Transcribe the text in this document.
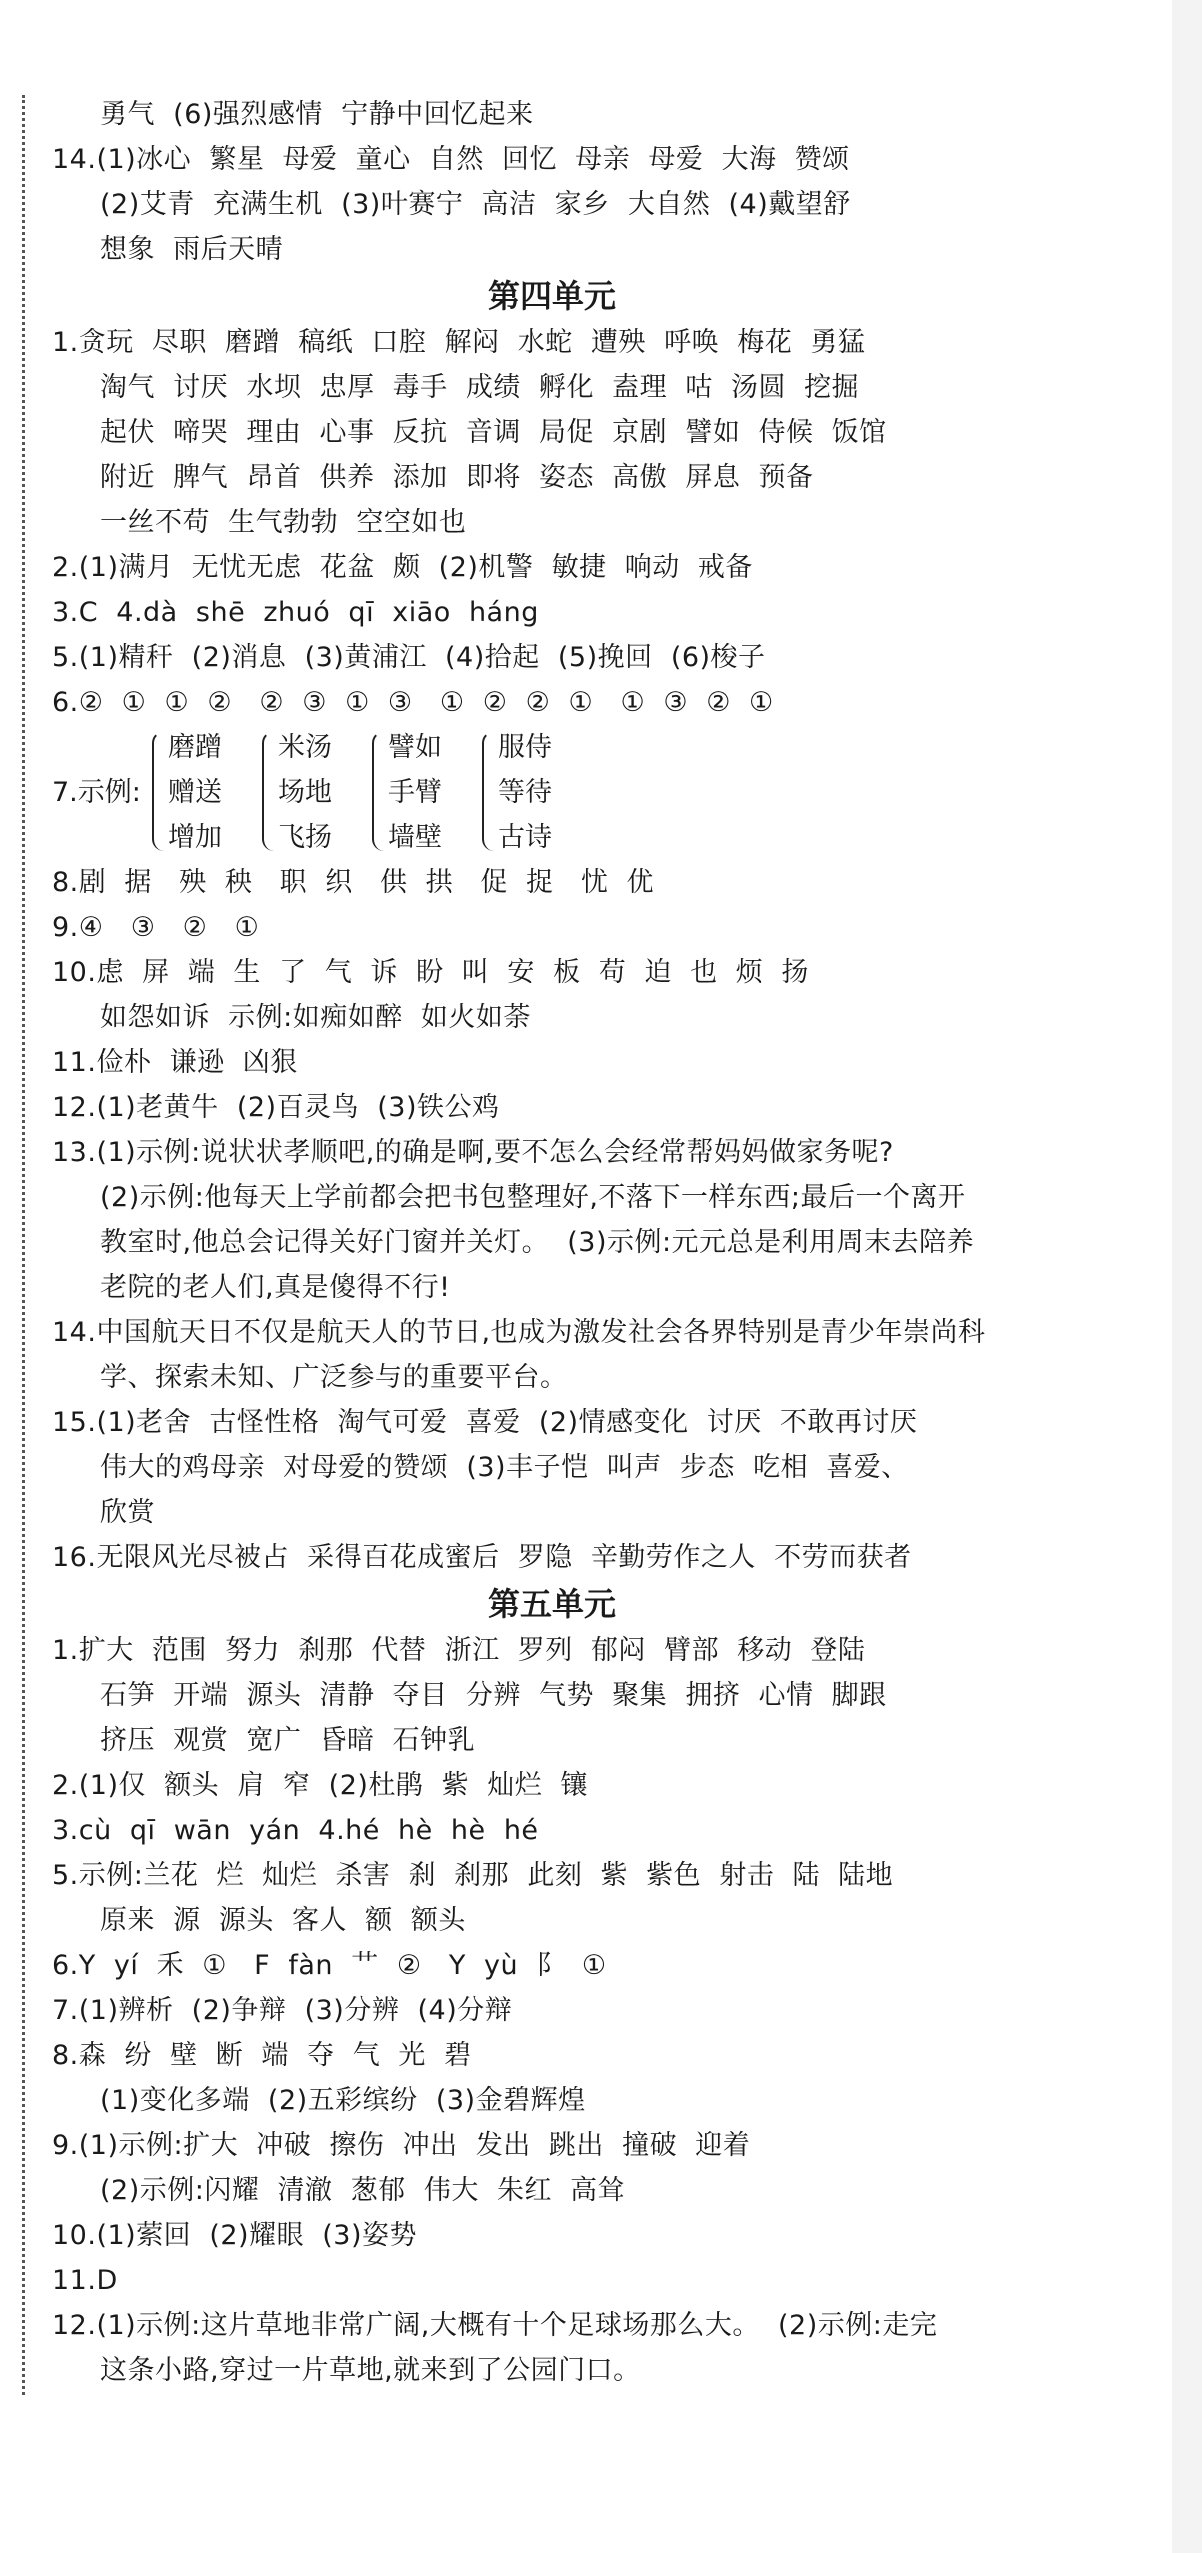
勇气  (6)强烈感情  宁静中回忆起来
14.(1)冰心  繁星  母爱  童心  自然  回忆  母亲  母爱  大海  赞颂
(2)艾青  充满生机  (3)叶赛宁  高洁  家乡  大自然  (4)戴望舒
想象  雨后天晴
第四单元
1.贪玩  尽职  磨蹭  稿纸  口腔  解闷  水蛇  遭殃  呼唤  梅花  勇猛
淘气  讨厌  水坝  忠厚  毒手  成绩  孵化  盍理  咕  汤圆  挖掘
起伏  啼哭  理由  心事  反抗  音调  局促  京剧  譬如  侍候  饭馆
附近  脾气  昂首  供养  添加  即将  姿态  高傲  屏息  预备
一丝不苟  生气勃勃  空空如也
2.(1)满月  无忧无虑  花盆  颇  (2)机警  敏捷  响动  戒备
3.C  4.dà  shē  zhuó  qī  xiāo  háng
5.(1)精秆  (2)消息  (3)黄浦江  (4)拾起  (5)挽回  (6)梭子
6.②  ①  ①  ②   ②  ③  ①  ③   ①  ②  ②  ①   ①  ③  ②  ①
7.示例:
磨蹭
赠送
增加
米汤
场地
飞扬
譬如
手臂
墙壁
服侍
等待
古诗
8.剧  据   殃  秧   职  织   供  拱   促  捉   忧  优
9.④   ③   ②   ①
10.虑  屏  端  生  了  气  诉  盼  叫  安  板  苟  迫  也  烦  扬
如怨如诉  示例:如痴如醉  如火如荼
11.俭朴  谦逊  凶狠
12.(1)老黄牛  (2)百灵鸟  (3)铁公鸡
13.(1)示例:说状状孝顺吧,的确是啊,要不怎么会经常帮妈妈做家务呢?
(2)示例:他每天上学前都会把书包整理好,不落下一样东西;最后一个离开
教室时,他总会记得关好门窗并关灯。  (3)示例:元元总是利用周末去陪养
老院的老人们,真是傻得不行!
14.中国航天日不仅是航天人的节日,也成为激发社会各界特别是青少年崇尚科
学、探索未知、广泛参与的重要平台。
15.(1)老舍  古怪性格  淘气可爱  喜爱  (2)情感变化  讨厌  不敢再讨厌
伟大的鸡母亲  对母爱的赞颂  (3)丰子恺  叫声  步态  吃相  喜爱、
欣赏
16.无限风光尽被占  采得百花成蜜后  罗隐  辛勤劳作之人  不劳而获者
第五单元
1.扩大  范围  努力  刹那  代替  浙江  罗列  郁闷  臂部  移动  登陆
石笋  开端  源头  清静  夺目  分辨  气势  聚集  拥挤  心情  脚跟
挤压  观赏  宽广  昏暗  石钟乳
2.(1)仅  额头  肩  窄  (2)杜鹃  紫  灿烂  镶
3.cù  qī  wān  yán  4.hé  hè  hè  hé
5.示例:兰花  烂  灿烂  杀害  刹  刹那  此刻  紫  紫色  射击  陆  陆地
原来  源  源头  客人  额  额头
6.Y  yí  禾  ①   F  fàn  艹  ②   Y  yù  阝  ①
7.(1)辨析  (2)争辩  (3)分辨  (4)分辩
8.森  纷  壁  断  端  夺  气  光  碧
(1)变化多端  (2)五彩缤纷  (3)金碧辉煌
9.(1)示例:扩大  冲破  擦伤  冲出  发出  跳出  撞破  迎着
(2)示例:闪耀  清澈  葱郁  伟大  朱红  高耸
10.(1)萦回  (2)耀眼  (3)姿势
11.D
12.(1)示例:这片草地非常广阔,大概有十个足球场那么大。  (2)示例:走完
这条小路,穿过一片草地,就来到了公园门口。
